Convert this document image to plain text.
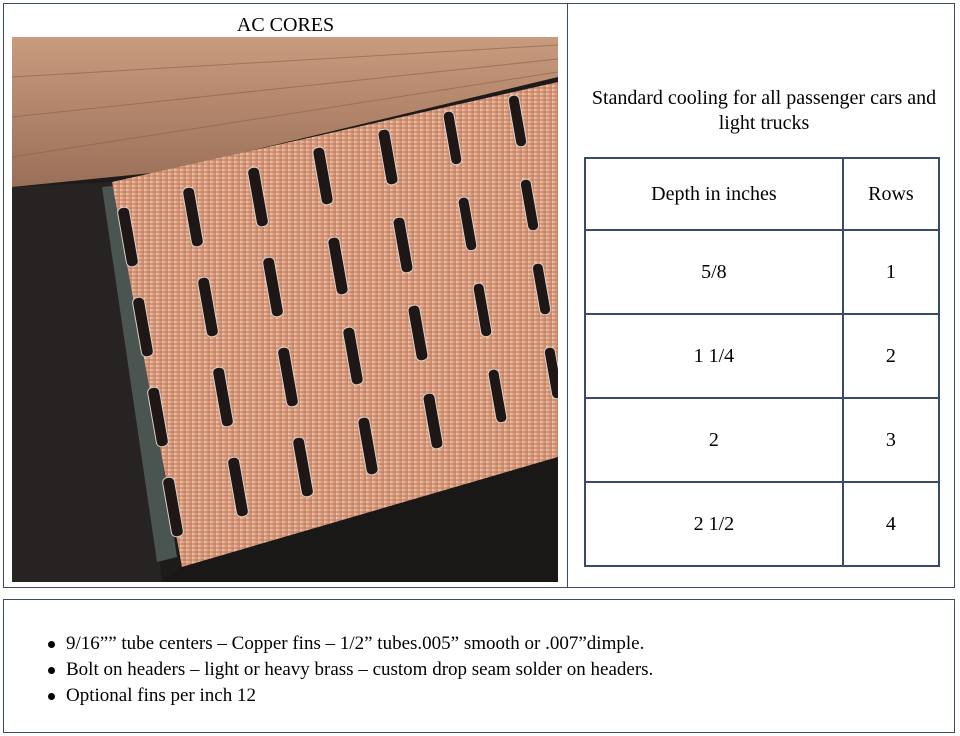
AC CORES
Standard cooling for all passenger cars and light trucks
Depth in inches	Rows
5/8	1
1 1/4	2
2	3
2 1/2	4
9/16”” tube centers – Copper fins – 1/2” tubes.005” smooth or .007”dimple.
Bolt on headers – light or heavy brass – custom drop seam solder on headers.
Optional fins per inch 12
